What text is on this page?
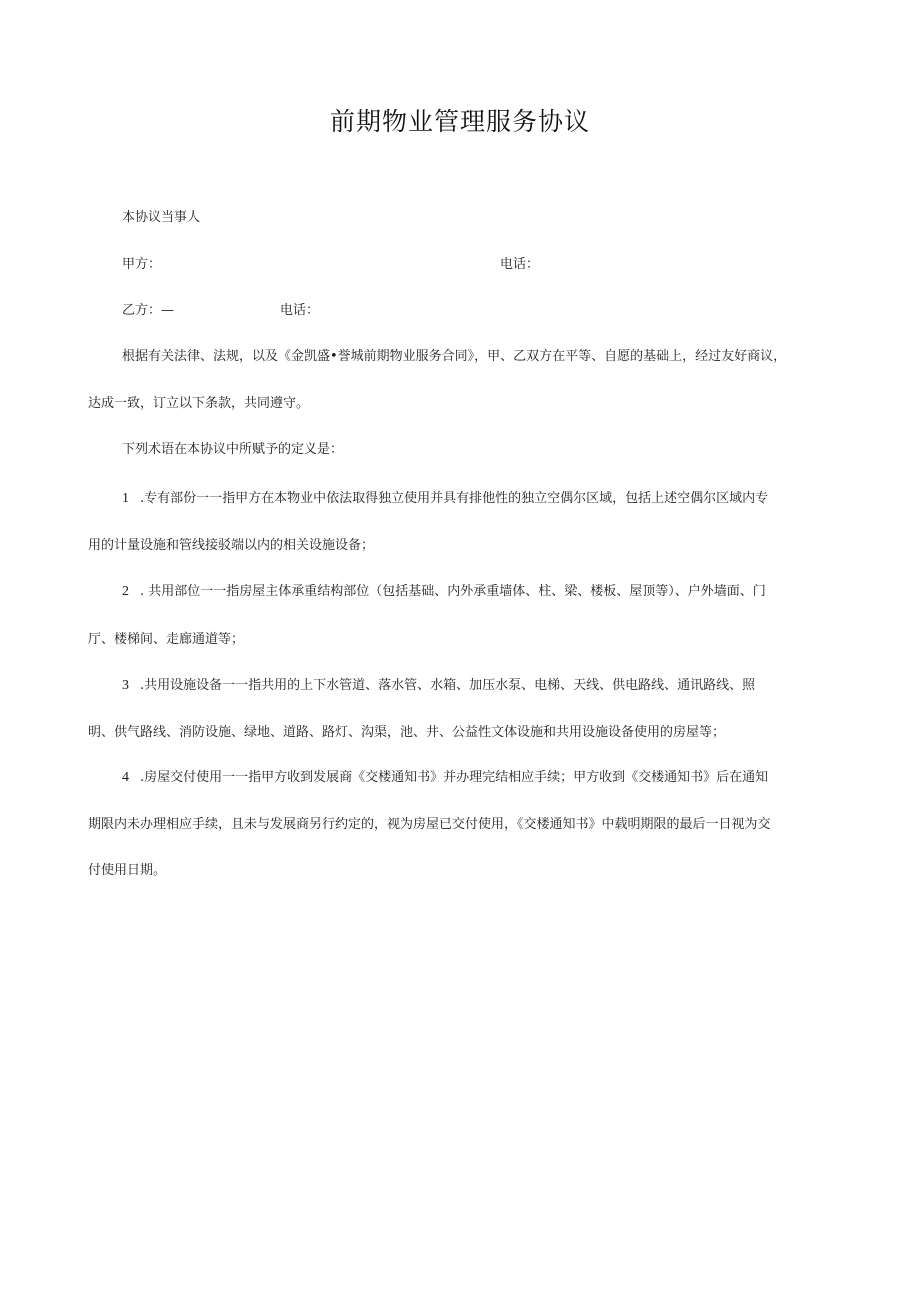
前期物业管理服务协议
本协议当事人
甲方：	电话：
乙方：—	电话：
根据有关法律、法规，以及《金凯盛•誉城前期物业服务合同》，甲、乙双方在平等、自愿的基础上，经过友好商议，
达成一致，订立以下条款，共同遵守。
下列术语在本协议中所赋予的定义是：
1 .专有部份一一指甲方在本物业中依法取得独立使用并具有排他性的独立空偶尔区域，包括上述空偶尔区域内专
用的计量设施和管线接驳端以内的相关设施设备；
2 . 共用部位一一指房屋主体承重结构部位（包括基础、内外承重墙体、柱、梁、楼板、屋顶等）、户外墙面、门
厅、楼梯间、走廊通道等；
3 .共用设施设备一一指共用的上下水管道、落水管、水箱、加压水泵、电梯、天线、供电路线、通讯路线、照
明、供气路线、消防设施、绿地、道路、路灯、沟渠，池、井、公益性文体设施和共用设施设备使用的房屋等；
4 .房屋交付使用一一指甲方收到发展商《交楼通知书》并办理完结相应手续；甲方收到《交楼通知书》后在通知
期限内未办理相应手续，且未与发展商另行约定的，视为房屋已交付使用，《交楼通知书》中载明期限的最后一日视为交
付使用日期。
